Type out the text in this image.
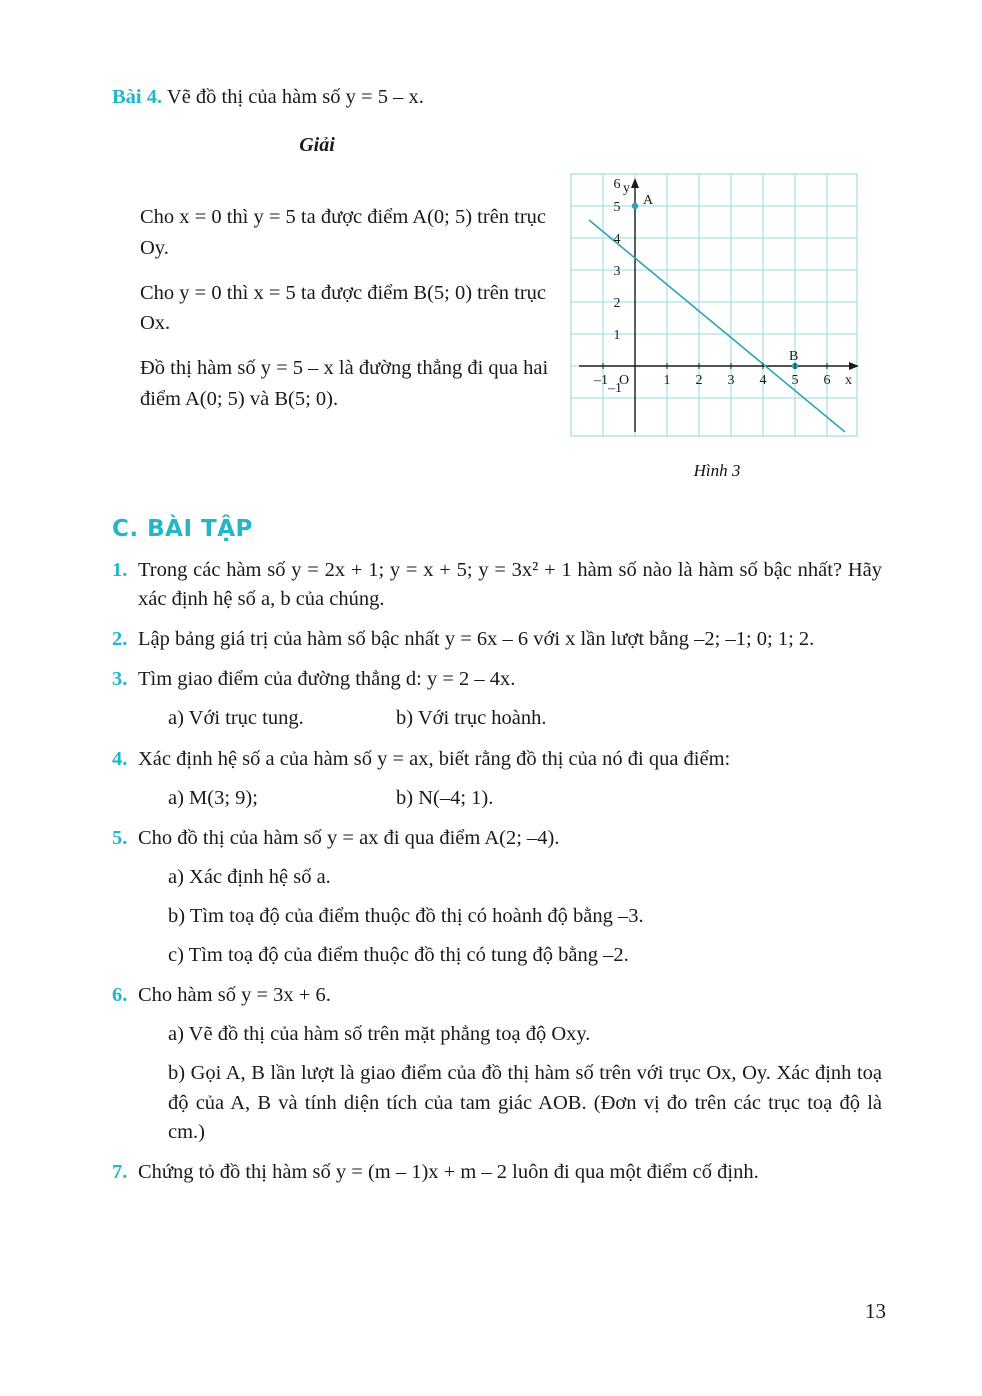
Bài 4. Vẽ đồ thị của hàm số y = 5 – x.
Giải

Cho x = 0 thì y = 5 ta được điểm A(0; 5) trên trục Oy.

Cho y = 0 thì x = 5 ta được điểm B(5; 0) trên trục Ox.

Đồ thị hàm số y = 5 – x là đường thẳng đi qua hai điểm A(0; 5) và B(5; 0).

y
x
O
6
5
4
3
2
1
–1
–1	1 2 3 4 5 6
A
B
Hình 3
C. BÀI TẬP
1. Trong các hàm số y = 2x + 1; y = x + 5; y = 3x² + 1 hàm số nào là hàm số bậc nhất? Hãy xác định hệ số a, b của chúng.

2. Lập bảng giá trị của hàm số bậc nhất y = 6x – 6 với x lần lượt bằng –2; –1; 0; 1; 2.

3. Tìm giao điểm của đường thẳng d: y = 2 – 4x.

a) Với trục tung.	b) Với trục hoành.
4. Xác định hệ số a của hàm số y = ax, biết rằng đồ thị của nó đi qua điểm:

a) M(3; 9);	b) N(–4; 1).
5. Cho đồ thị của hàm số y = ax đi qua điểm A(2; –4).

a) Xác định hệ số a.

b) Tìm toạ độ của điểm thuộc đồ thị có hoành độ bằng –3.

c) Tìm toạ độ của điểm thuộc đồ thị có tung độ bằng –2.

6. Cho hàm số y = 3x + 6.

a) Vẽ đồ thị của hàm số trên mặt phẳng toạ độ Oxy.

b) Gọi A, B lần lượt là giao điểm của đồ thị hàm số trên với trục Ox, Oy. Xác định toạ độ của A, B và tính diện tích của tam giác AOB. (Đơn vị đo trên các trục toạ độ là cm.)

7. Chứng tỏ đồ thị hàm số y = (m – 1)x + m – 2 luôn đi qua một điểm cố định.

13
